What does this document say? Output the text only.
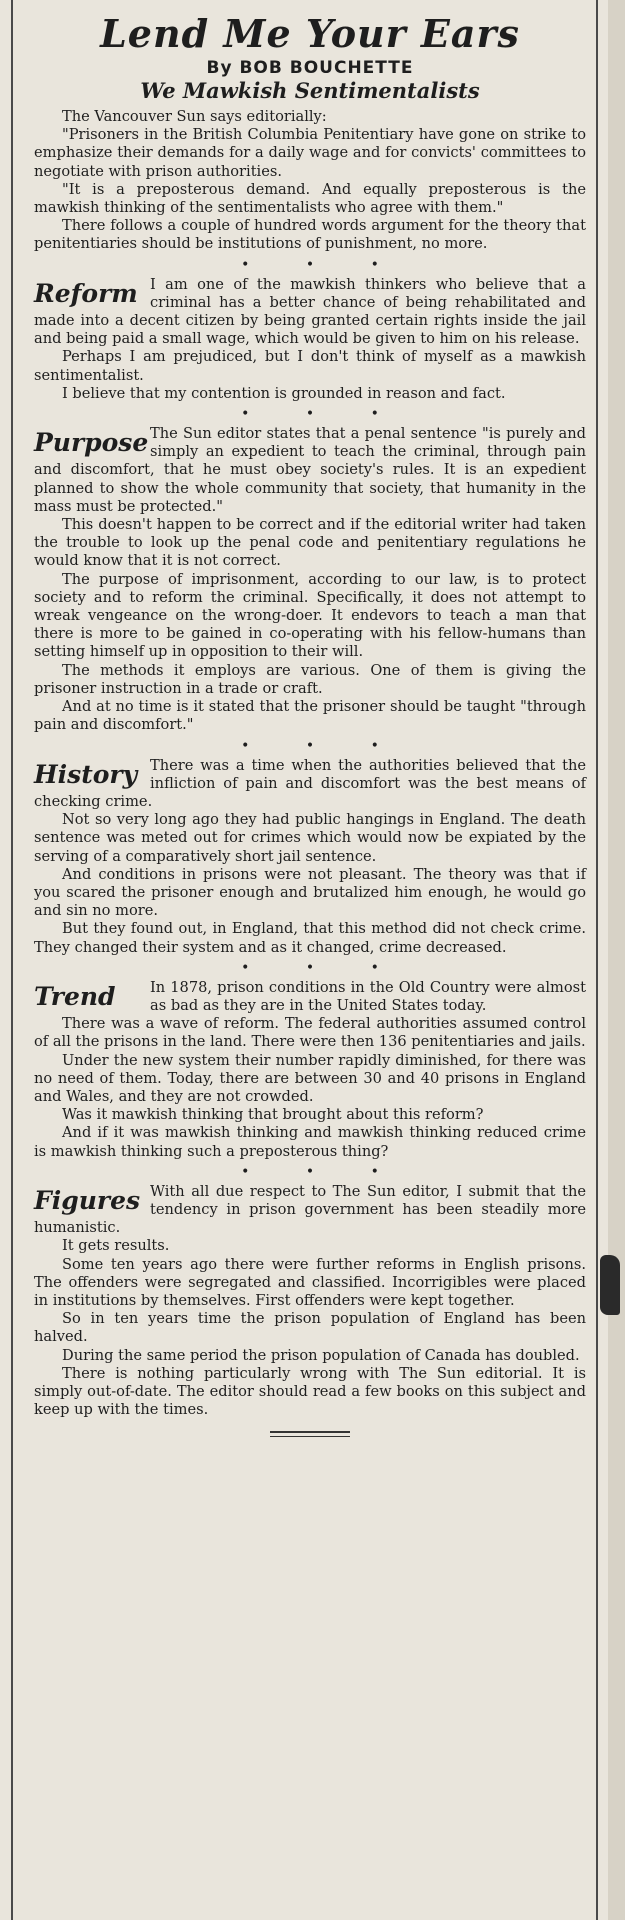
Lend Me Your Ears
By BOB BOUCHETTE
We Mawkish Sentimentalists

The Vancouver Sun says editorially:

"Prisoners in the British Columbia Penitentiary have gone on strike to emphasize their demands for a daily wage and for convicts' committees to negotiate with prison authorities.

"It is a preposterous demand. And equally preposterous is the mawkish thinking of the sentimentalists who agree with them."

There follows a couple of hundred words argument for the theory that penitentiaries should be institutions of punishment, no more.

• • •
Reform I am one of the mawkish thinkers who believe that a criminal has a better chance of being rehabilitated and made into a decent citizen by being granted certain rights inside the jail and being paid a small wage, which would be given to him on his release.

Perhaps I am prejudiced, but I don't think of myself as a mawkish sentimentalist.

I believe that my contention is grounded in reason and fact.

• • •
Purpose The Sun editor states that a penal sentence "is purely and simply an expedient to teach the criminal, through pain and discomfort, that he must obey society's rules. It is an expedient planned to show the whole community that society, that humanity in the mass must be protected."

This doesn't happen to be correct and if the editorial writer had taken the trouble to look up the penal code and penitentiary regulations he would know that it is not correct.

The purpose of imprisonment, according to our law, is to protect society and to reform the criminal. Specifically, it does not attempt to wreak vengeance on the wrong-doer. It endevors to teach a man that there is more to be gained in co-operating with his fellow-humans than setting himself up in opposition to their will.

The methods it employs are various. One of them is giving the prisoner instruction in a trade or craft.

And at no time is it stated that the prisoner should be taught "through pain and discomfort."

• • •
History There was a time when the authorities believed that the infliction of pain and discomfort was the best means of checking crime.

Not so very long ago they had public hangings in England. The death sentence was meted out for crimes which would now be expiated by the serving of a comparatively short jail sentence.

And conditions in prisons were not pleasant. The theory was that if you scared the prisoner enough and brutalized him enough, he would go and sin no more.

But they found out, in England, that this method did not check crime. They changed their system and as it changed, crime decreased.

• • •
Trend	In 1878, prison conditions in the Old Country were almost as bad as they are in the United States today.

There was a wave of reform. The federal authorities assumed control of all the prisons in the land. There were then 136 penitentiaries and jails.

Under the new system their number rapidly diminished, for there was no need of them. Today, there are between 30 and 40 prisons in England and Wales, and they are not crowded.

Was it mawkish thinking that brought about this reform?

And if it was mawkish thinking and mawkish thinking reduced crime is mawkish thinking such a preposterous thing?

• • •
Figures With all due respect to The Sun editor, I submit that the tendency in prison government has been steadily more humanistic.

It gets results.

Some ten years ago there were further reforms in English prisons. The offenders were segregated and classified. Incorrigibles were placed in institutions by themselves. First offenders were kept together.

So in ten years time the prison population of England has been halved.

During the same period the prison population of Canada has doubled.

There is nothing particularly wrong with The Sun editorial. It is simply out-of-date. The editor should read a few books on this subject and keep up with the times.
